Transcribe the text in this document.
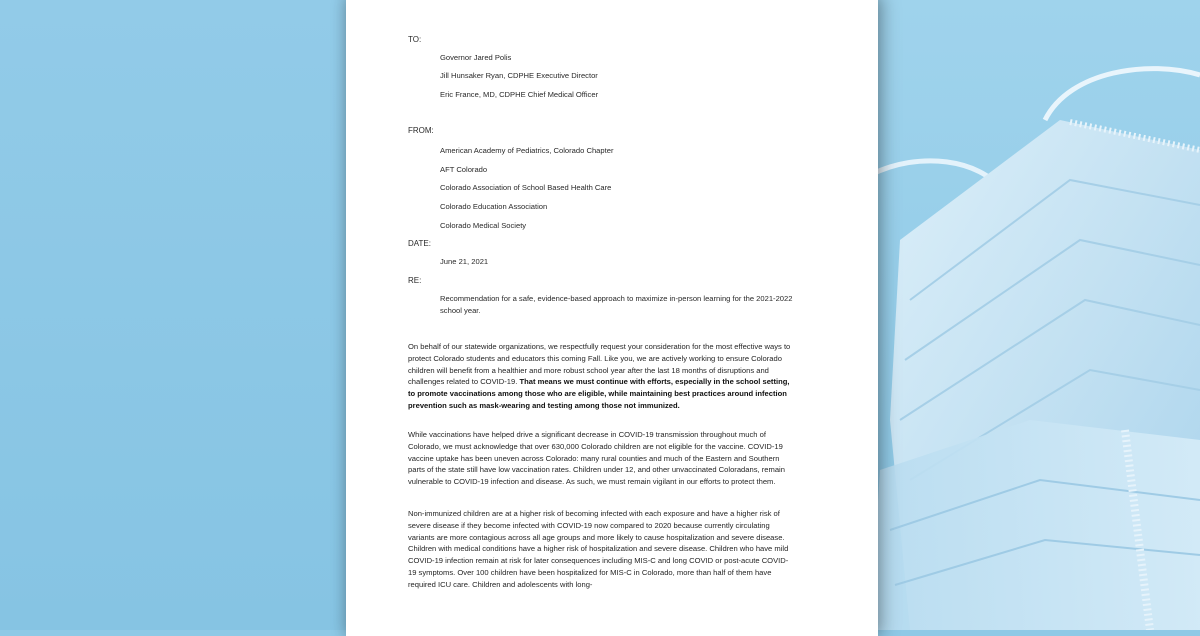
TO:
Governor Jared Polis
Jill Hunsaker Ryan, CDPHE Executive Director
Eric France, MD, CDPHE Chief Medical Officer
FROM:
American Academy of Pediatrics, Colorado Chapter
AFT Colorado
Colorado Association of School Based Health Care
Colorado Education Association
Colorado Medical Society
DATE:
June 21, 2021
RE:
Recommendation for a safe, evidence-based approach to maximize in-person learning for the 2021-2022 school year.

On behalf of our statewide organizations, we respectfully request your consideration for the most effective ways to protect Colorado students and educators this coming Fall. Like you, we are actively working to ensure Colorado children will benefit from a healthier and more robust school year after the last 18 months of disruptions and challenges related to COVID-19. That means we must continue with efforts, especially in the school setting, to promote vaccinations among those who are eligible, while maintaining best practices around infection prevention such as mask-wearing and testing among those not immunized.

While vaccinations have helped drive a significant decrease in COVID-19 transmission throughout much of Colorado, we must acknowledge that over 630,000 Colorado children are not eligible for the vaccine. COVID-19 vaccine uptake has been uneven across Colorado: many rural counties and much of the Eastern and Southern parts of the state still have low vaccination rates. Children under 12, and other unvaccinated Coloradans, remain vulnerable to COVID-19 infection and disease. As such, we must remain vigilant in our efforts to protect them.

Non-immunized children are at a higher risk of becoming infected with each exposure and have a higher risk of severe disease if they become infected with COVID-19 now compared to 2020 because currently circulating variants are more contagious across all age groups and more likely to cause hospitalization and severe disease. Children with medical conditions have a higher risk of hospitalization and severe disease. Children who have mild COVID-19 infection remain at risk for later consequences including MIS-C and long COVID or post-acute COVID-19 symptoms. Over 100 children have been hospitalized for MIS-C in Colorado, more than half of them have required ICU care. Children and adolescents with long-
